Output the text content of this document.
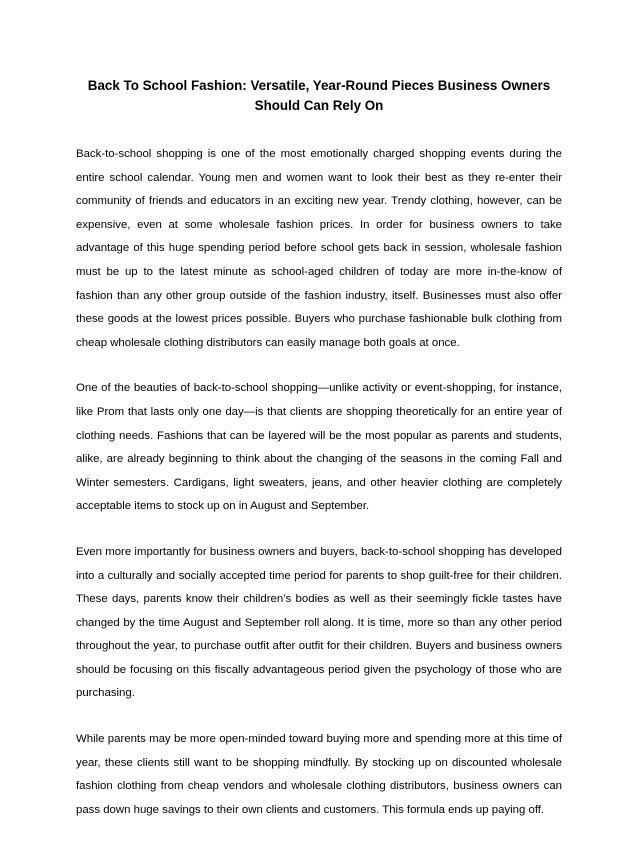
Back To School Fashion: Versatile, Year-Round Pieces Business Owners
Should Can Rely On

Back-to-school shopping is one of the most emotionally charged shopping events during the entire school calendar. Young men and women want to look their best as they re-enter their community of friends and educators in an exciting new year. Trendy clothing, however, can be expensive, even at some wholesale fashion prices. In order for business owners to take advantage of this huge spending period before school gets back in session, wholesale fashion must be up to the latest minute as school-aged children of today are more in-the-know of fashion than any other group outside of the fashion industry, itself. Businesses must also offer these goods at the lowest prices possible. Buyers who purchase fashionable bulk clothing from cheap wholesale clothing distributors can easily manage both goals at once.

One of the beauties of back-to-school shopping—unlike activity or event-shopping, for instance, like Prom that lasts only one day—is that clients are shopping theoretically for an entire year of clothing needs. Fashions that can be layered will be the most popular as parents and students, alike, are already beginning to think about the changing of the seasons in the coming Fall and Winter semesters. Cardigans, light sweaters, jeans, and other heavier clothing are completely acceptable items to stock up on in August and September.

Even more importantly for business owners and buyers, back-to-school shopping has developed into a culturally and socially accepted time period for parents to shop guilt-free for their children. These days, parents know their children’s bodies as well as their seemingly fickle tastes have changed by the time August and September roll along. It is time, more so than any other period throughout the year, to purchase outfit after outfit for their children. Buyers and business owners should be focusing on this fiscally advantageous period given the psychology of those who are purchasing.

While parents may be more open-minded toward buying more and spending more at this time of year, these clients still want to be shopping mindfully. By stocking up on discounted wholesale fashion clothing from cheap vendors and wholesale clothing distributors, business owners can pass down huge savings to their own clients and customers. This formula ends up paying off.
